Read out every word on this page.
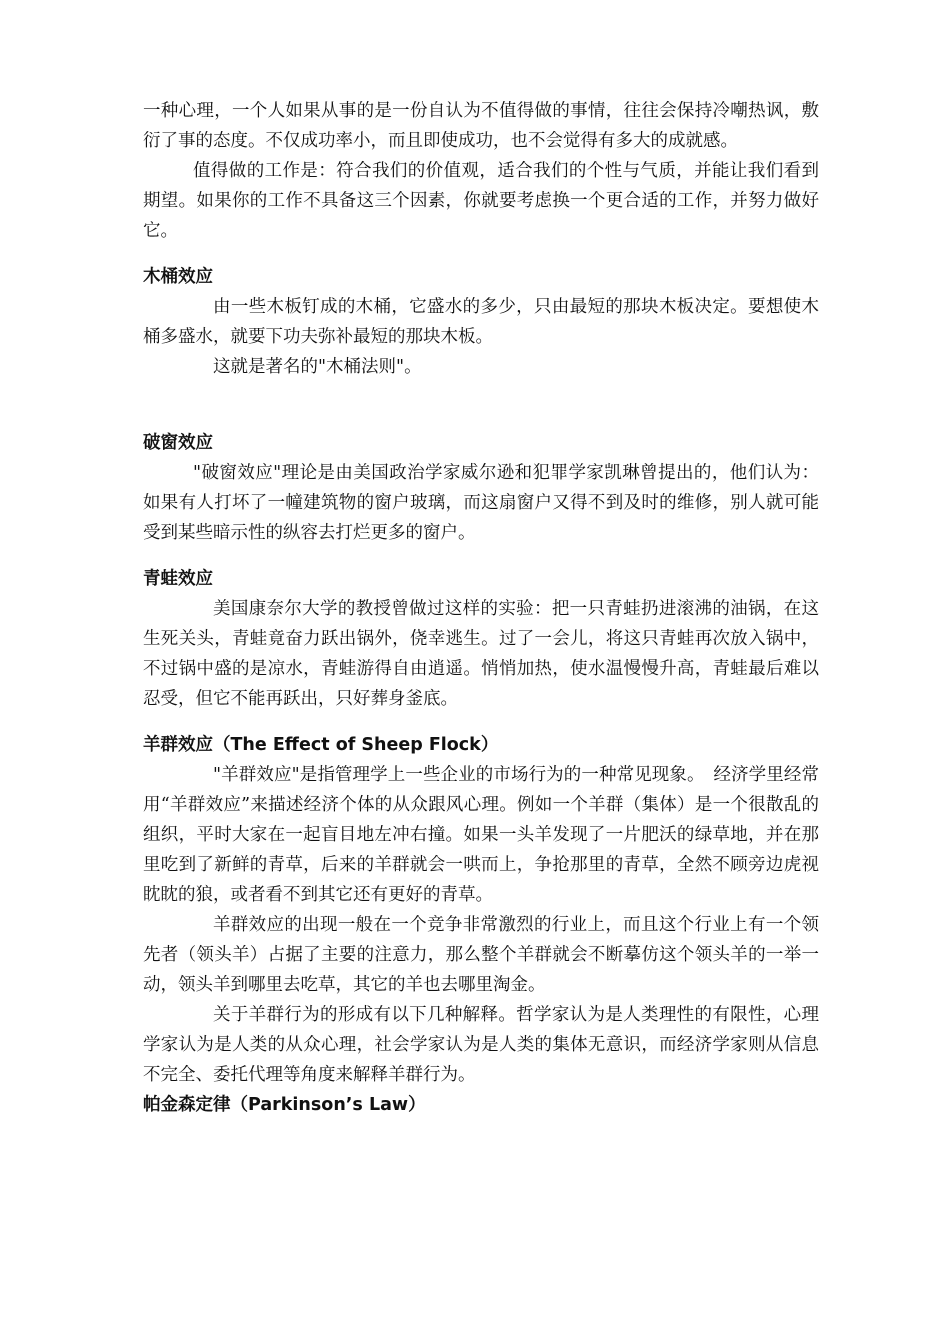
一种心理，一个人如果从事的是一份自认为不值得做的事情，往往会保持冷嘲热讽，敷衍了事的态度。不仅成功率小，而且即使成功，也不会觉得有多大的成就感。

值得做的工作是：符合我们的价值观，适合我们的个性与气质，并能让我们看到期望。如果你的工作不具备这三个因素，你就要考虑换一个更合适的工作，并努力做好它。

木桶效应

由一些木板钉成的木桶，它盛水的多少，只由最短的那块木板决定。要想使木桶多盛水，就要下功夫弥补最短的那块木板。

这就是著名的"木桶法则"。

破窗效应

"破窗效应"理论是由美国政治学家威尔逊和犯罪学家凯琳曾提出的，他们认为：如果有人打坏了一幢建筑物的窗户玻璃，而这扇窗户又得不到及时的维修，别人就可能受到某些暗示性的纵容去打烂更多的窗户。

青蛙效应

美国康奈尔大学的教授曾做过这样的实验：把一只青蛙扔进滚沸的油锅，在这生死关头，青蛙竟奋力跃出锅外，侥幸逃生。过了一会儿，将这只青蛙再次放入锅中，不过锅中盛的是凉水，青蛙游得自由逍遥。悄悄加热，使水温慢慢升高，青蛙最后难以忍受，但它不能再跃出，只好葬身釜底。

羊群效应（The Effect of Sheep Flock）

"羊群效应"是指管理学上一些企业的市场行为的一种常见现象。　经济学里经常用“羊群效应”来描述经济个体的从众跟风心理。例如一个羊群（集体）是一个很散乱的组织，平时大家在一起盲目地左冲右撞。如果一头羊发现了一片肥沃的绿草地，并在那里吃到了新鲜的青草，后来的羊群就会一哄而上，争抢那里的青草，全然不顾旁边虎视眈眈的狼，或者看不到其它还有更好的青草。

羊群效应的出现一般在一个竞争非常激烈的行业上，而且这个行业上有一个领先者（领头羊）占据了主要的注意力，那么整个羊群就会不断摹仿这个领头羊的一举一动，领头羊到哪里去吃草，其它的羊也去哪里淘金。

关于羊群行为的形成有以下几种解释。哲学家认为是人类理性的有限性，心理学家认为是人类的从众心理，社会学家认为是人类的集体无意识，而经济学家则从信息不完全、委托代理等角度来解释羊群行为。

帕金森定律（Parkinson’s Law）
